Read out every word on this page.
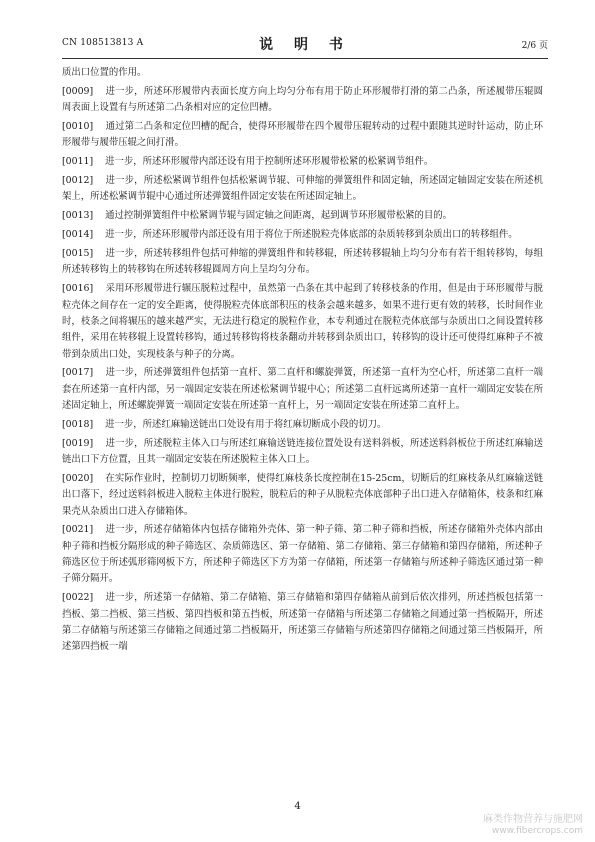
CN 108513813 A	说 明 书	2/6 页

质出口位置的作用。

[0009] 进一步，所述环形履带内表面长度方向上均匀分布有用于防止环形履带打滑的第二凸条，所述履带压辊圆周表面上设置有与所述第二凸条相对应的定位凹槽。

[0010] 通过第二凸条和定位凹槽的配合，使得环形履带在四个履带压辊转动的过程中跟随其逆时针运动，防止环形履带与履带压辊之间打滑。

[0011] 进一步，所述环形履带内部还设有用于控制所述环形履带松紧的松紧调节组件。

[0012] 进一步，所述松紧调节组件包括松紧调节辊、可伸缩的弹簧组件和固定轴，所述固定轴固定安装在所述机架上，所述松紧调节辊中心通过所述弹簧组件固定安装在所述固定轴上。

[0013] 通过控制弹簧组件中松紧调节辊与固定轴之间距离，起到调节环形履带松紧的目的。

[0014] 进一步，所述环形履带内部还设有用于将位于所述脱粒壳体底部的杂质转移到杂质出口的转移组件。

[0015] 进一步，所述转移组件包括可伸缩的弹簧组件和转移辊，所述转移辊轴上均匀分布有若干组转移钩，每组所述转移钩上的转移钩在所述转移辊圆周方向上呈均匀分布。

[0016] 采用环形履带进行辗压脱粒过程中，虽然第一凸条在其中起到了转移枝条的作用，但是由于环形履带与脱粒壳体之间存在一定的安全距离，使得脱粒壳体底部积压的枝条会越来越多，如果不进行更有效的转移，长时间作业时，枝条之间将辗压的越来越严实，无法进行稳定的脱粒作业，本专利通过在脱粒壳体底部与杂质出口之间设置转移组件，采用在转移辊上设置转移钩，通过转移钩将枝条翻动并转移到杂质出口，转移钩的设计还可使得红麻种子不被带到杂质出口处，实现枝条与种子的分离。

[0017] 进一步，所述弹簧组件包括第一直杆、第二直杆和螺旋弹簧，所述第一直杆为空心杆，所述第二直杆一端套在所述第一直杆内部，另一端固定安装在所述松紧调节辊中心；所述第二直杆远离所述第一直杆一端固定安装在所述固定轴上，所述螺旋弹簧一端固定安装在所述第一直杆上，另一端固定安装在所述第二直杆上。

[0018] 进一步，所述红麻输送链出口处设有用于将红麻切断成小段的切刀。

[0019] 进一步，所述脱粒主体入口与所述红麻输送链连接位置处设有送料斜板，所述送料斜板位于所述红麻输送链出口下方位置，且其一端固定安装在所述脱粒主体入口上。

[0020] 在实际作业时，控制切刀切断频率，使得红麻枝条长度控制在15-25cm，切断后的红麻枝条从红麻输送链出口落下，经过送料斜板进入脱粒主体进行脱粒，脱粒后的种子从脱粒壳体底部种子出口进入存储箱体，枝条和红麻果壳从杂质出口进入存储箱体。

[0021] 进一步，所述存储箱体内包括存储箱外壳体、第一种子筛、第二种子筛和挡板，所述存储箱外壳体内部由种子筛和挡板分隔形成的种子筛选区、杂质筛选区、第一存储箱、第二存储箱、第三存储箱和第四存储箱，所述种子筛选区位于所述弧形筛网板下方，所述种子筛选区下方为第一存储箱，所述第一存储箱与所述种子筛选区通过第一种子筛分隔开。

[0022] 进一步，所述第一存储箱、第二存储箱、第三存储箱和第四存储箱从前到后依次排列，所述挡板包括第一挡板、第二挡板、第三挡板、第四挡板和第五挡板，所述第一存储箱与所述第二存储箱之间通过第一挡板隔开，所述第二存储箱与所述第三存储箱之间通过第二挡板隔开，所述第三存储箱与所述第四存储箱之间通过第三挡板隔开，所述第四挡板一端

4
麻类作物营养与施肥网
www.fibercrops.com
